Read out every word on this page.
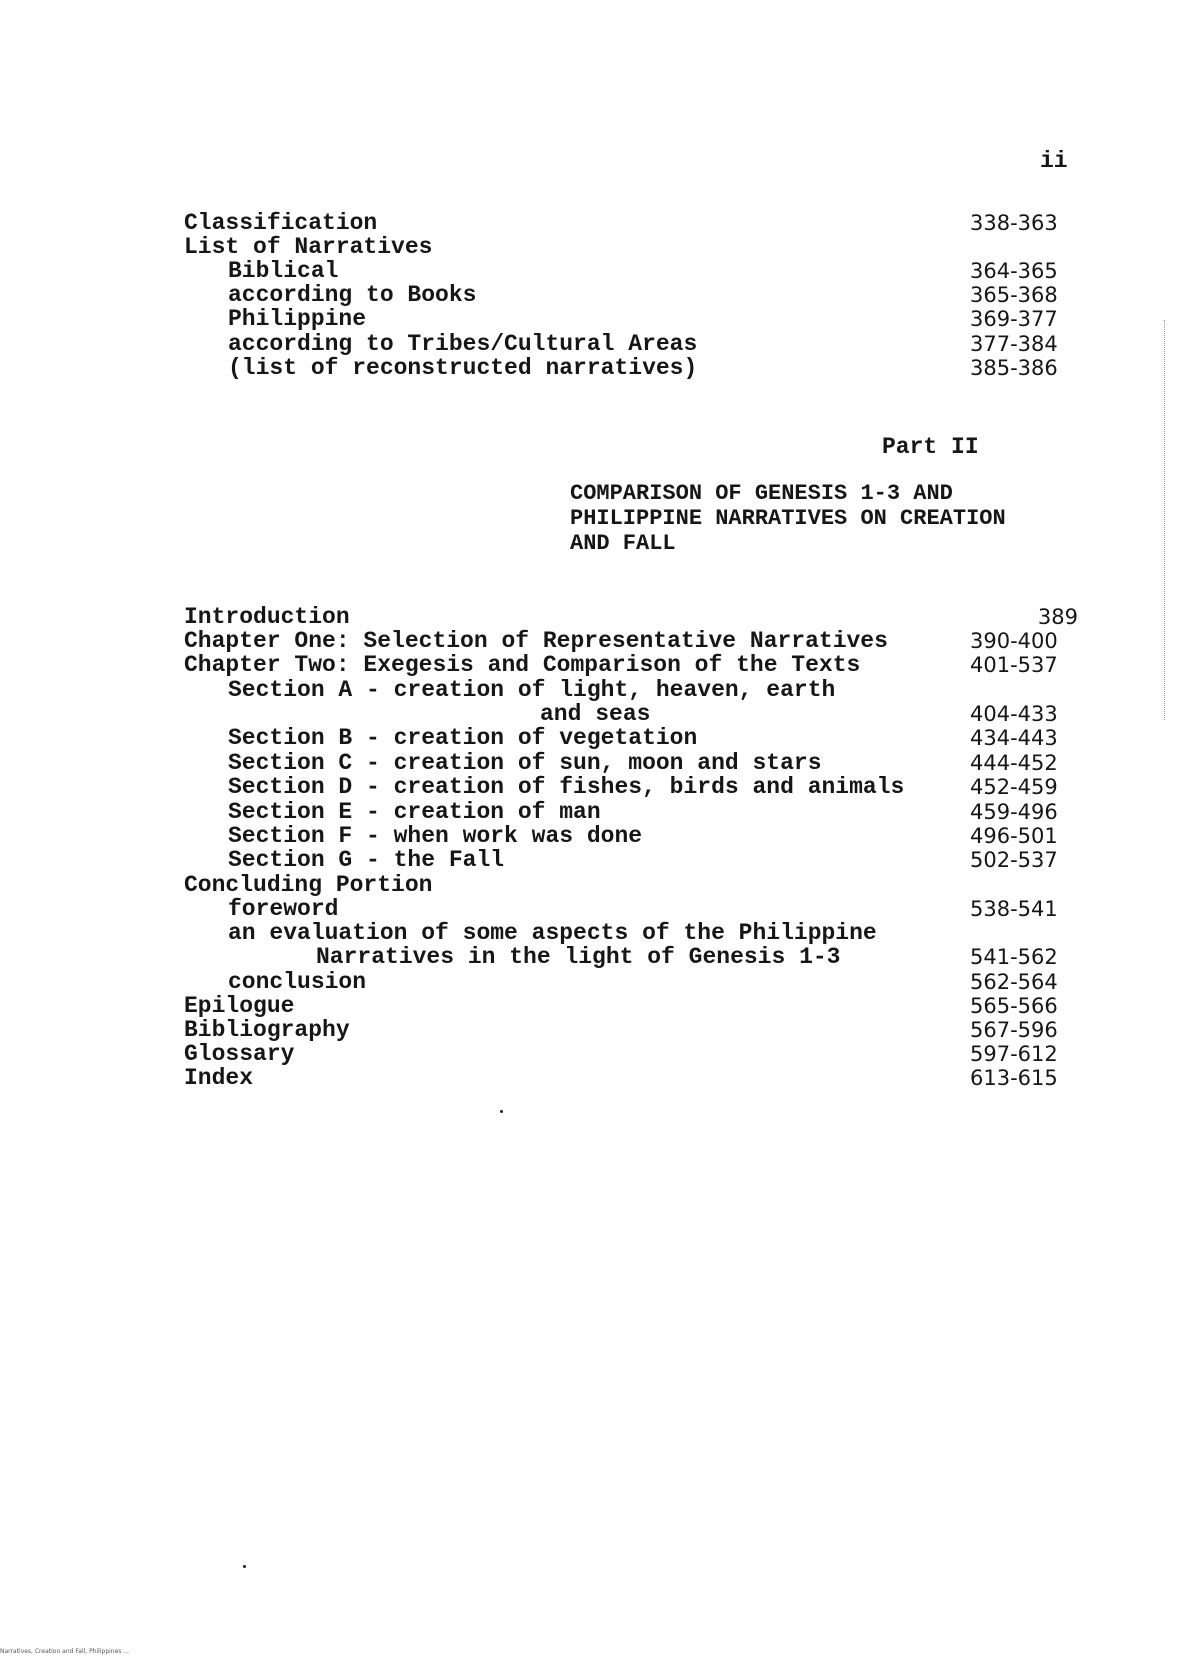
ii
Classification	338-363
List of Narratives
Biblical	364-365
according to Books	365-368
Philippine	369-377
according to Tribes/Cultural Areas	377-384
(list of reconstructed narratives)	385-386
Part II
COMPARISON OF GENESIS 1-3 AND
PHILIPPINE NARRATIVES ON CREATION
AND FALL
Introduction	389
Chapter One: Selection of Representative Narratives	390-400
Chapter Two: Exegesis and Comparison of the Texts	401-537
Section A - creation of light, heaven, earth
and seas	404-433
Section B - creation of vegetation	434-443
Section C - creation of sun, moon and stars	444-452
Section D - creation of fishes, birds and animals	452-459
Section E - creation of man	459-496
Section F - when work was done	496-501
Section G - the Fall	502-537
Concluding Portion
foreword	538-541
an evaluation of some aspects of the Philippine
Narratives in the light of Genesis 1-3	541-562
conclusion	562-564
Epilogue	565-566
Bibliography	567-596
Glossary	597-612
Index	613-615
Narratives, Creation and Fall, Philippines ...
